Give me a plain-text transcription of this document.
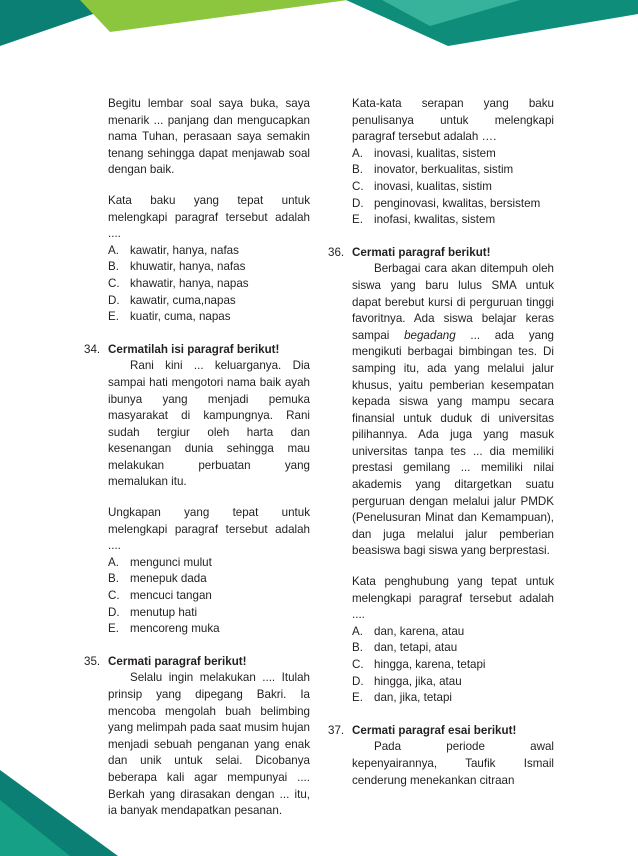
Begitu lembar soal saya buka, saya menarik ... panjang dan mengucapkan nama Tuhan, perasaan saya semakin tenang sehingga dapat menjawab soal dengan baik.

Kata baku yang tepat untuk melengkapi paragraf tersebut adalah ....

A. kawatir, hanya, nafas
B. khuwatir, hanya, nafas
C. khawatir, hanya, napas
D. kawatir, cuma,napas
E. kuatir, cuma, napas
34. Cermatilah isi paragraf berikut!

Rani kini ... keluarganya. Dia sampai hati mengotori nama baik ayah ibunya yang menjadi pemuka masyarakat di kampungnya. Rani sudah tergiur oleh harta dan kesenangan dunia sehingga mau melakukan perbuatan yang memalukan itu.

Ungkapan yang tepat untuk melengkapi paragraf tersebut adalah ....

A. mengunci mulut
B. menepuk dada
C. mencuci tangan
D. menutup hati
E. mencoreng muka
35. Cermati paragraf berikut!

Selalu ingin melakukan .... Itulah prinsip yang dipegang Bakri. Ia mencoba mengolah buah belimbing yang melimpah pada saat musim hujan menjadi sebuah penganan yang enak dan unik untuk selai. Dicobanya beberapa kali agar mempunyai .... Berkah yang dirasakan dengan ... itu, ia banyak mendapatkan pesanan.

Kata-kata serapan yang baku penulisanya untuk melengkapi paragraf tersebut adalah ….

A. inovasi, kualitas, sistem
B. inovator, berkualitas, sistim
C. inovasi, kualitas, sistim
D. penginovasi, kwalitas, bersistem
E. inofasi, kwalitas, sistem
36. Cermati paragraf berikut!

Berbagai cara akan ditempuh oleh siswa yang baru lulus SMA untuk dapat berebut kursi di perguruan tinggi favoritnya. Ada siswa belajar keras sampai begadang ... ada yang mengikuti berbagai bimbingan tes. Di samping itu, ada yang melalui jalur khusus, yaitu pemberian kesempatan kepada siswa yang mampu secara finansial untuk duduk di universitas pilihannya. Ada juga yang masuk universitas tanpa tes ... dia memiliki prestasi gemilang ... memiliki nilai akademis yang ditargetkan suatu perguruan dengan melalui jalur PMDK (Penelusuran Minat dan Kemampuan), dan juga melalui jalur pemberian beasiswa bagi siswa yang berprestasi.

Kata penghubung yang tepat untuk melengkapi paragraf tersebut adalah ....

A. dan, karena, atau
B. dan, tetapi, atau
C. hingga, karena, tetapi
D. hingga, jika, atau
E. dan, jika, tetapi
37. Cermati paragraf esai berikut!

Pada periode awal kepenyairannya, Taufik Ismail cenderung menekankan citraan
